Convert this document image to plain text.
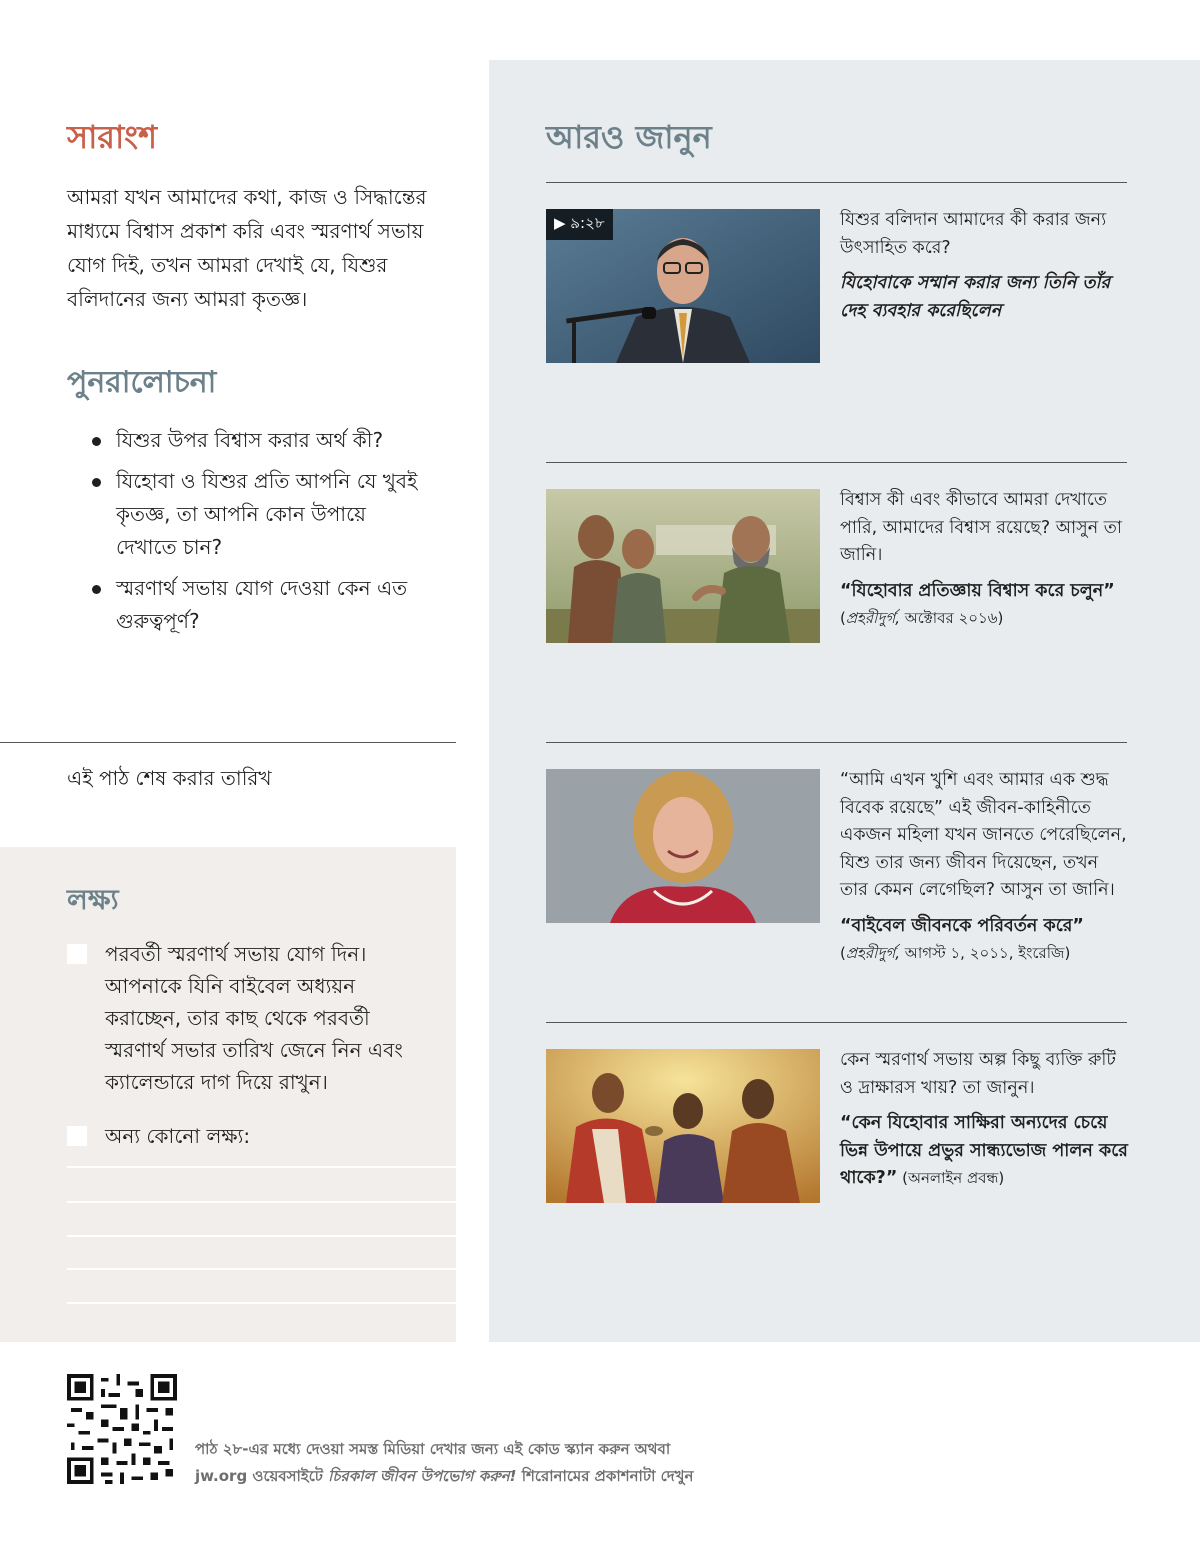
সারাংশ

আমরা যখন আমাদের কথা, কাজ ও সিদ্ধান্তের মাধ্যমে বিশ্বাস প্রকাশ করি এবং স্মরণার্থ সভায় যোগ দিই, তখন আমরা দেখাই যে, যিশুর বলিদানের জন্য আমরা কৃতজ্ঞ।

পুনরালোচনা
যিশুর উপর বিশ্বাস করার অর্থ কী?
যিহোবা ও যিশুর প্রতি আপনি যে খুবই কৃতজ্ঞ, তা আপনি কোন উপায়ে দেখাতে চান?
স্মরণার্থ সভায় যোগ দেওয়া কেন এত গুরুত্বপূর্ণ?
এই পাঠ শেষ করার তারিখ
লক্ষ্য
পরবর্তী স্মরণার্থ সভায় যোগ দিন। আপনাকে যিনি বাইবেল অধ্যয়ন করাচ্ছেন, তার কাছ থেকে পরবর্তী স্মরণার্থ সভার তারিখ জেনে নিন এবং ক্যালেন্ডারে দাগ দিয়ে রাখুন।
অন্য কোনো লক্ষ্য:
আরও জানুন
▶ ৯:২৮	যিশুর বলিদান আমাদের কী করার জন্য উৎসাহিত করে?
যিহোবাকে সম্মান করার জন্য তিনি তাঁর দেহ ব্যবহার করেছিলেন
বিশ্বাস কী এবং কীভাবে আমরা দেখাতে পারি, আমাদের বিশ্বাস রয়েছে? আসুন তা জানি।
“যিহোবার প্রতিজ্ঞায় বিশ্বাস করে চলুন” (প্রহরীদুর্গ, অক্টোবর ২০১৬)
“আমি এখন খুশি এবং আমার এক শুদ্ধ বিবেক রয়েছে” এই জীবন-কাহিনীতে একজন মহিলা যখন জানতে পেরেছিলেন, যিশু তার জন্য জীবন দিয়েছেন, তখন তার কেমন লেগেছিল? আসুন তা জানি।
“বাইবেল জীবনকে পরিবর্তন করে” (প্রহরীদুর্গ, আগস্ট ১, ২০১১, ইংরেজি)
কেন স্মরণার্থ সভায় অল্প কিছু ব্যক্তি রুটি ও দ্রাক্ষারস খায়? তা জানুন।
“কেন যিহোবার সাক্ষিরা অন্যদের চেয়ে ভিন্ন উপায়ে প্রভুর সান্ধ্যভোজ পালন করে থাকে?” (অনলাইন প্রবন্ধ)
পাঠ ২৮-এর মধ্যে দেওয়া সমস্ত মিডিয়া দেখার জন্য এই কোড স্ক্যান করুন অথবা
jw.org ওয়েবসাইটে চিরকাল জীবন উপভোগ করুন! শিরোনামের প্রকাশনাটা দেখুন
